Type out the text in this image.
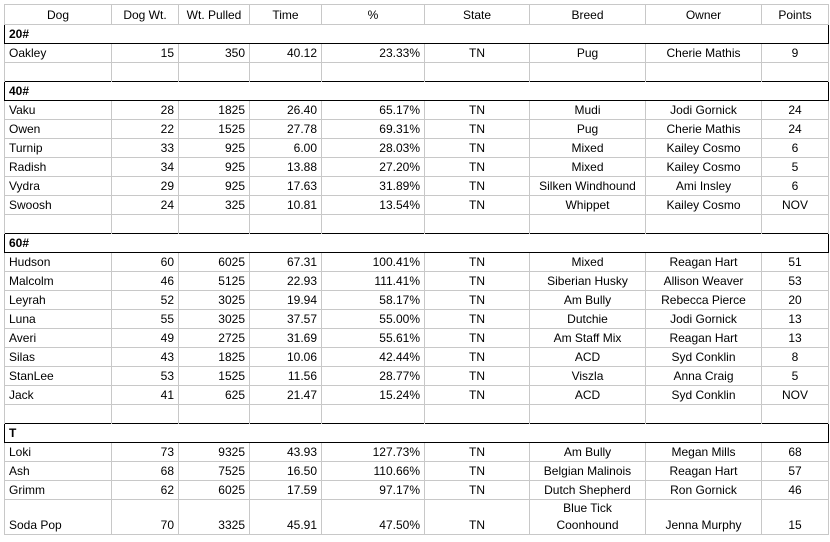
Dog	Dog Wt.	Wt. Pulled	Time	%	State	Breed	Owner	Points
20#								
Oakley	15	350	40.12	23.33%	TN	Pug	Cherie Mathis	9

40#								
Vaku	28	1825	26.40	65.17%	TN	Mudi	Jodi Gornick	24
Owen	22	1525	27.78	69.31%	TN	Pug	Cherie Mathis	24
Turnip	33	925	6.00	28.03%	TN	Mixed	Kailey Cosmo	6
Radish	34	925	13.88	27.20%	TN	Mixed	Kailey Cosmo	5
Vydra	29	925	17.63	31.89%	TN	Silken Windhound	Ami Insley	6
Swoosh	24	325	10.81	13.54%	TN	Whippet	Kailey Cosmo	NOV

60#								
Hudson	60	6025	67.31	100.41%	TN	Mixed	Reagan Hart	51
Malcolm	46	5125	22.93	111.41%	TN	Siberian Husky	Allison Weaver	53
Leyrah	52	3025	19.94	58.17%	TN	Am Bully	Rebecca Pierce	20
Luna	55	3025	37.57	55.00%	TN	Dutchie	Jodi Gornick	13
Averi	49	2725	31.69	55.61%	TN	Am Staff Mix	Reagan Hart	13
Silas	43	1825	10.06	42.44%	TN	ACD	Syd Conklin	8
StanLee	53	1525	11.56	28.77%	TN	Viszla	Anna Craig	5
Jack	41	625	21.47	15.24%	TN	ACD	Syd Conklin	NOV

T								
Loki	73	9325	43.93	127.73%	TN	Am Bully	Megan Mills	68
Ash	68	7525	16.50	110.66%	TN	Belgian Malinois	Reagan Hart	57
Grimm	62	6025	17.59	97.17%	TN	Dutch Shepherd	Ron Gornick	46
Soda Pop	70	3325	45.91	47.50%	TN	Blue Tick Coonhound	Jenna Murphy	15
